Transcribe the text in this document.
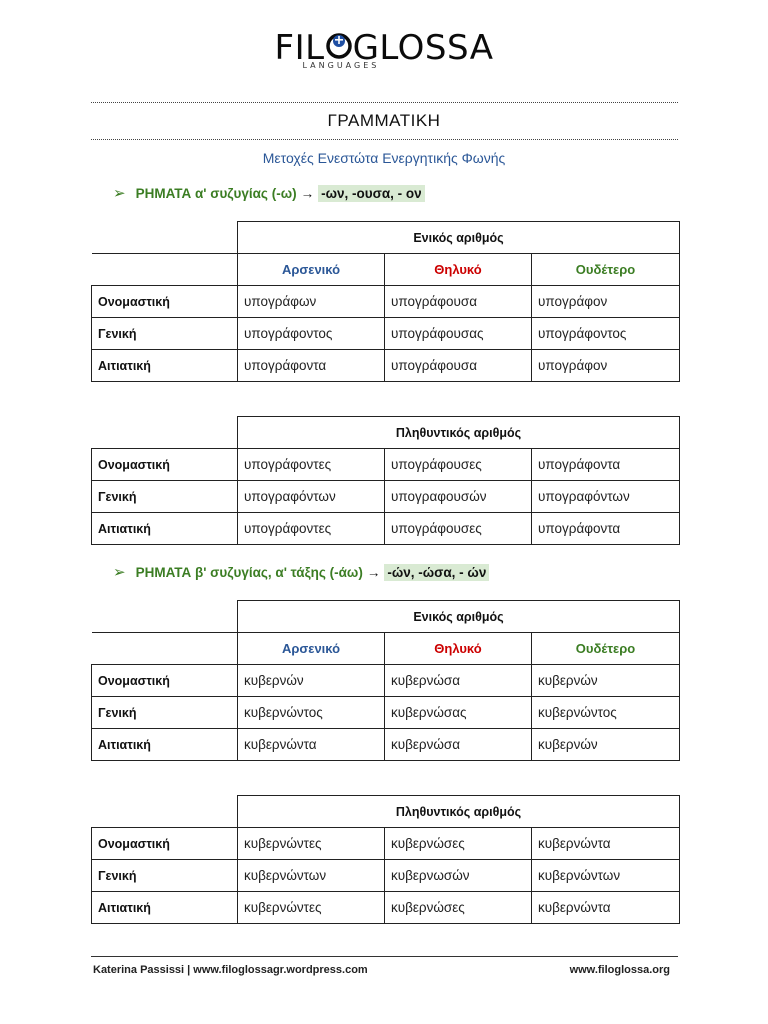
FIL GLOSSA
LANGUAGES
ΓΡΑΜΜΑΤΙΚΗ
Μετοχές Ενεστώτα Ενεργητικής Φωνής
➢ ΡΗΜΑΤΑ α' συζυγίας (-ω) → -ων, -ουσα, - ον
	Ενικός αριθμός		
	Αρσενικό	Θηλυκό	Ουδέτερο
Ονομαστική	υπογράφων	υπογράφουσα	υπογράφον
Γενική	υπογράφοντος	υπογράφουσας	υπογράφοντος
Αιτιατική	υπογράφοντα	υπογράφουσα	υπογράφον
	Πληθυντικός αριθμός		
Ονομαστική	υπογράφοντες	υπογράφουσες	υπογράφοντα
Γενική	υπογραφόντων	υπογραφουσών	υπογραφόντων
Αιτιατική	υπογράφοντες	υπογράφουσες	υπογράφοντα
➢ ΡΗΜΑΤΑ β' συζυγίας, α' τάξης (-άω) → -ών, -ώσα, - ών
	Ενικός αριθμός		
	Αρσενικό	Θηλυκό	Ουδέτερο
Ονομαστική	κυβερνών	κυβερνώσα	κυβερνών
Γενική	κυβερνώντος	κυβερνώσας	κυβερνώντος
Αιτιατική	κυβερνώντα	κυβερνώσα	κυβερνών
	Πληθυντικός αριθμός		
Ονομαστική	κυβερνώντες	κυβερνώσες	κυβερνώντα
Γενική	κυβερνώντων	κυβερνωσών	κυβερνώντων
Αιτιατική	κυβερνώντες	κυβερνώσες	κυβερνώντα
Katerina Passissi | www.filoglossagr.wordpress.com	www.filoglossa.org
